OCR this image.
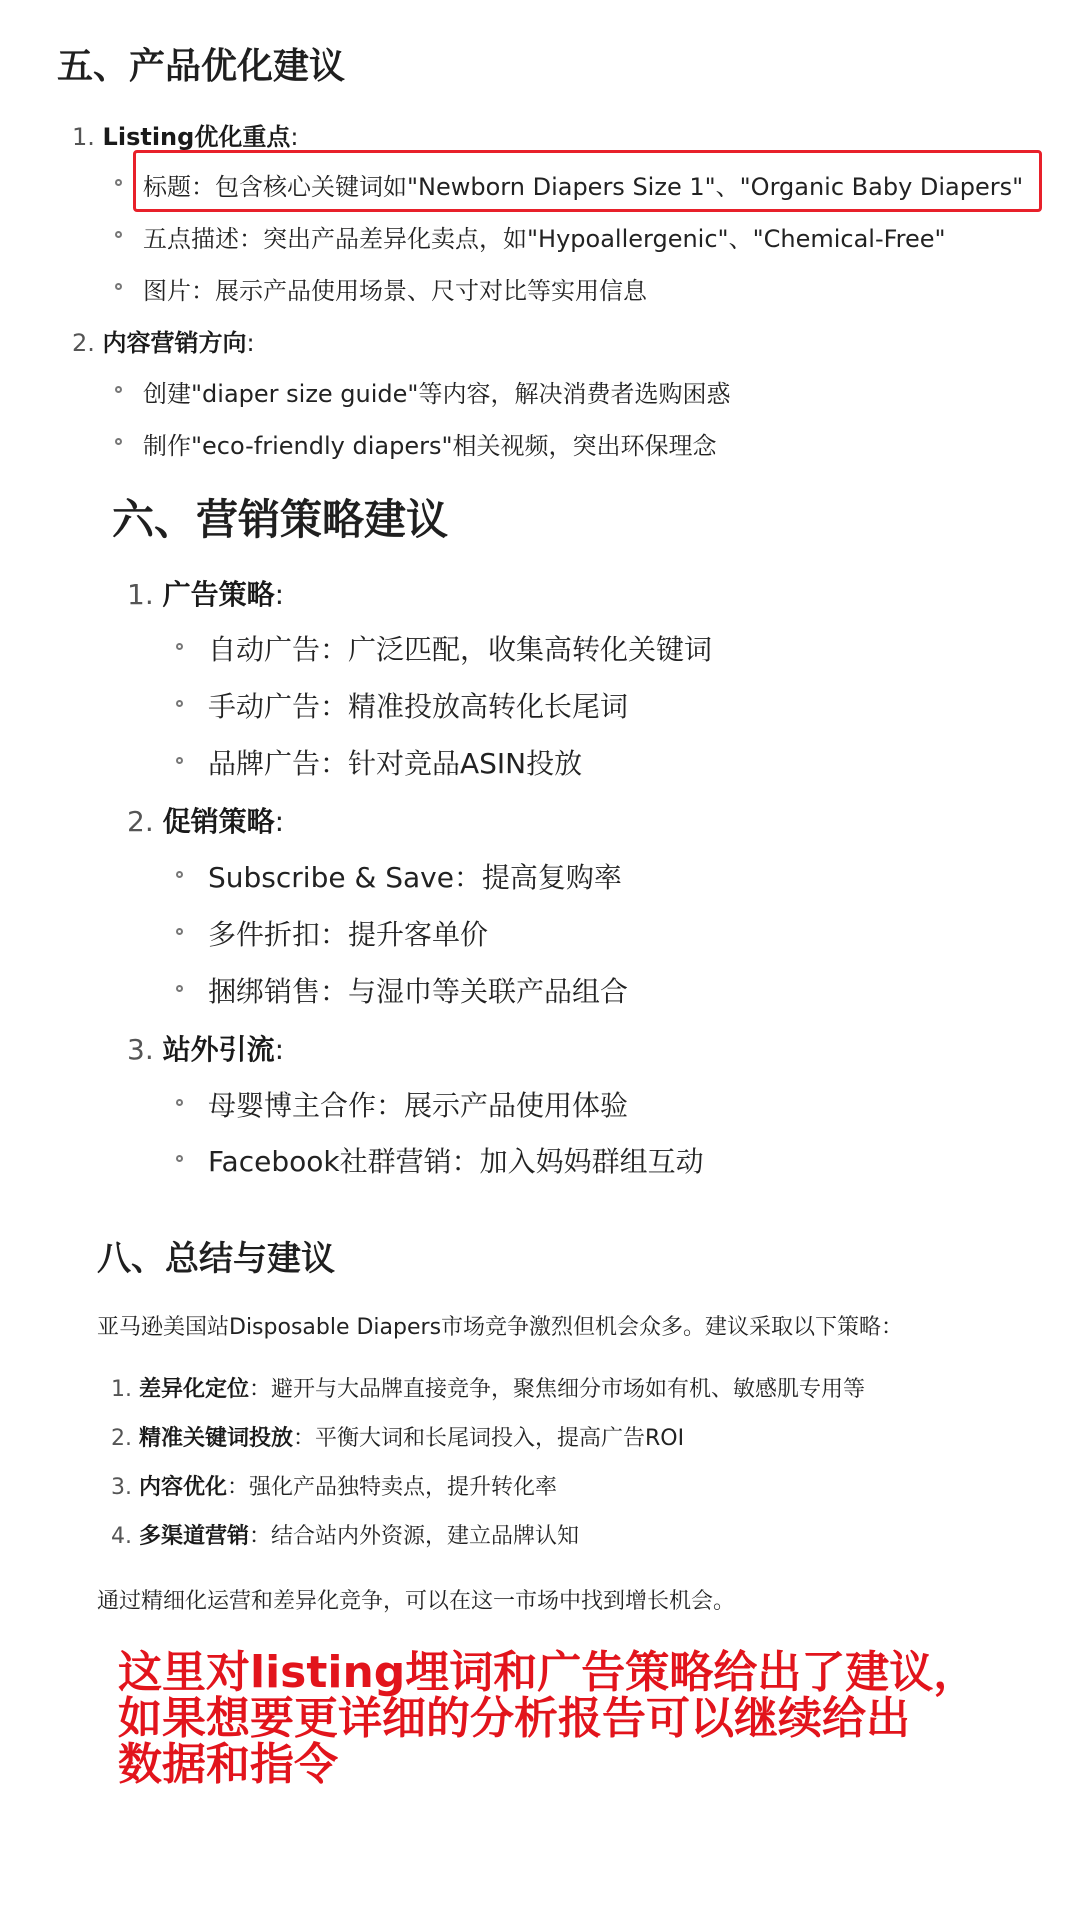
五、产品优化建议
1. Listing优化重点:
标题：包含核心关键词如"Newborn Diapers Size 1"、"Organic Baby Diapers"
五点描述：突出产品差异化卖点，如"Hypoallergenic"、"Chemical-Free"
图片：展示产品使用场景、尺寸对比等实用信息
2. 内容营销方向:
创建"diaper size guide"等内容，解决消费者选购困惑
制作"eco-friendly diapers"相关视频，突出环保理念
六、营销策略建议
1. 广告策略:
自动广告：广泛匹配，收集高转化关键词
手动广告：精准投放高转化长尾词
品牌广告：针对竞品ASIN投放
2. 促销策略:
Subscribe & Save：提高复购率
多件折扣：提升客单价
捆绑销售：与湿巾等关联产品组合
3. 站外引流:
母婴博主合作：展示产品使用体验
Facebook社群营销：加入妈妈群组互动
八、总结与建议
亚马逊美国站Disposable Diapers市场竞争激烈但机会众多。建议采取以下策略：
1. 差异化定位：避开与大品牌直接竞争，聚焦细分市场如有机、敏感肌专用等
2. 精准关键词投放：平衡大词和长尾词投入，提高广告ROI
3. 内容优化：强化产品独特卖点，提升转化率
4. 多渠道营销：结合站内外资源，建立品牌认知
通过精细化运营和差异化竞争，可以在这一市场中找到增长机会。
这里对listing埋词和广告策略给出了建议，
如果想要更详细的分析报告可以继续给出
数据和指令
